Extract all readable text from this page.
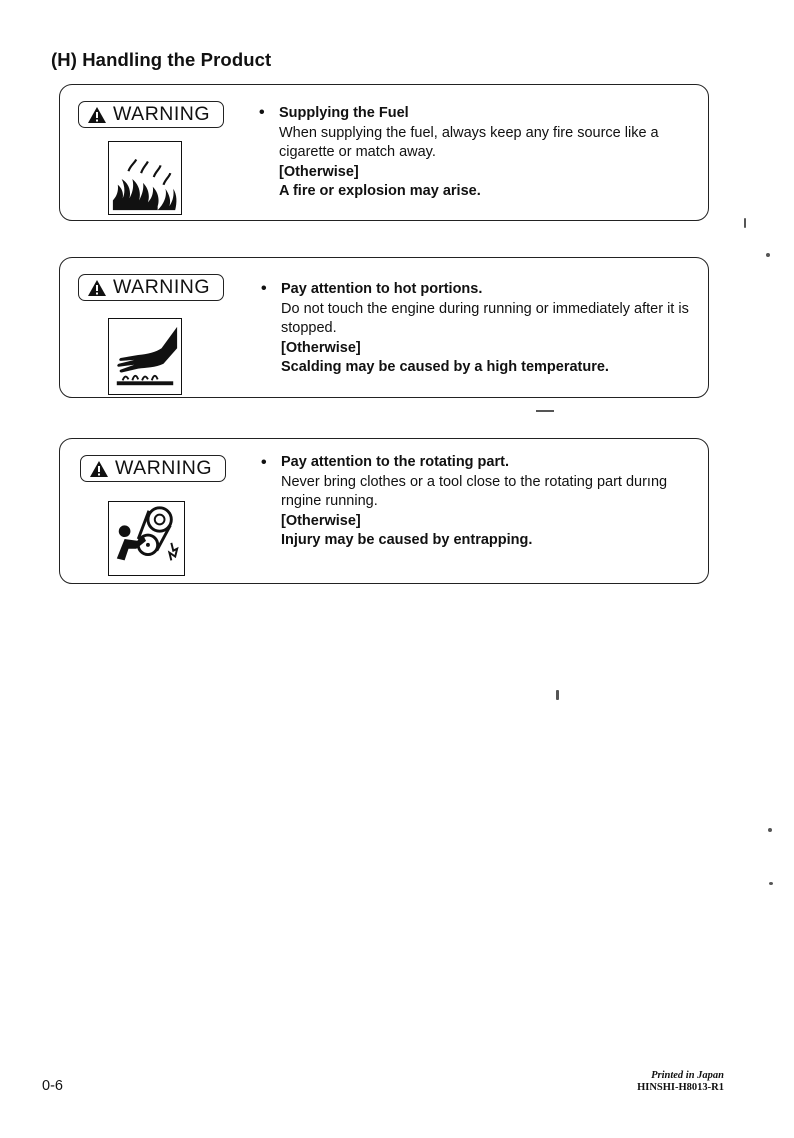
(H) Handling the Product
WARNING	• Supplying the Fuel
When supplying the fuel, always keep any fire source like a cigarette or match away.
[Otherwise]
A fire or explosion may arise.
WARNING	• Pay attention to hot portions.
Do not touch the engine during running or immediately after it is stopped.
[Otherwise]
Scalding may be caused by a high temperature.
WARNING	• Pay attention to the rotating part.
Never bring clothes or a tool close to the rotating part durıng rngine running.
[Otherwise]
Injury may be caused by entrapping.
0-6
Printed in Japan
HINSHI-H8013-R1
